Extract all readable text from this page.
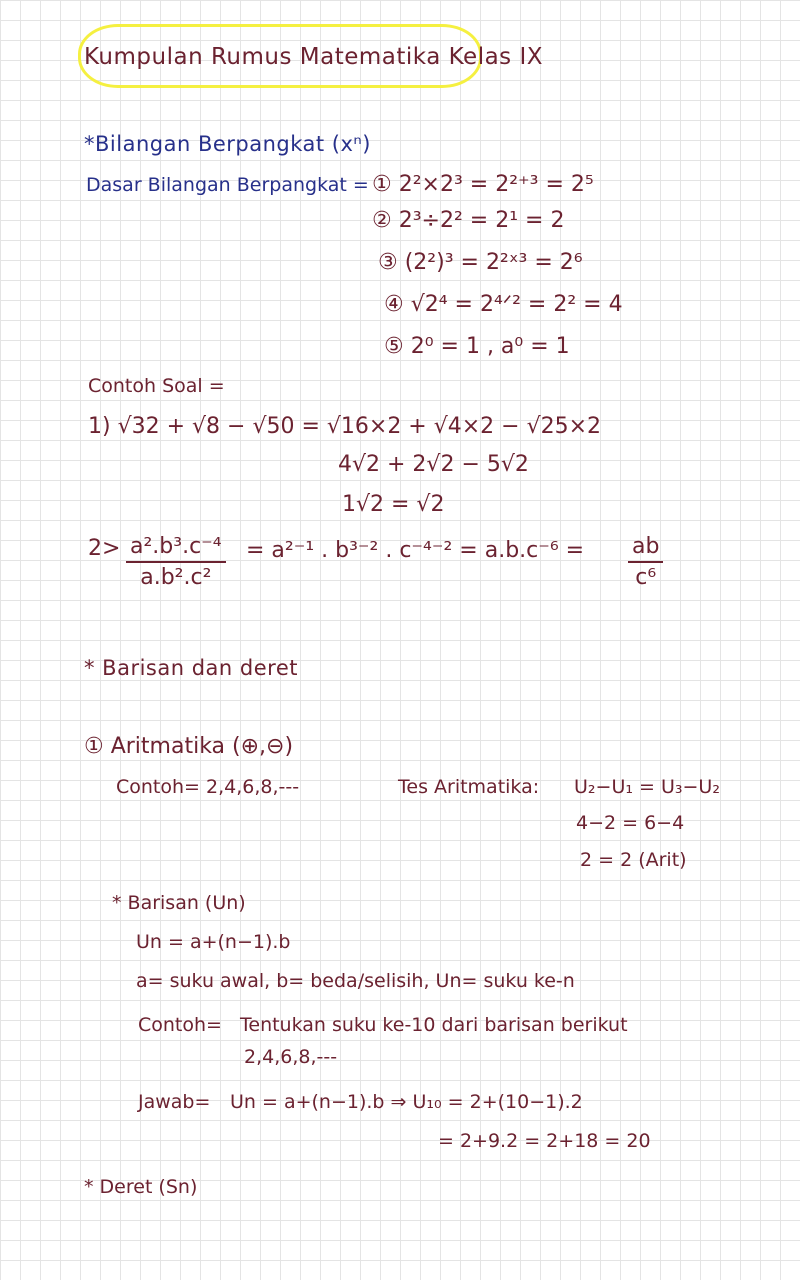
Kumpulan Rumus Matematika Kelas IX
*Bilangan Berpangkat (xⁿ)
Dasar Bilangan Berpangkat = ① 2²×2³ = 2²⁺³ = 2⁵
② 2³÷2² = 2¹ = 2
③ (2²)³ = 2²ˣ³ = 2⁶
④ √2⁴ = 2⁴ᐟ² = 2² = 4
⑤ 2⁰ = 1 , a⁰ = 1
Contoh Soal =
1) √32 + √8 − √50 = √16×2 + √4×2 − √25×2
4√2 + 2√2 − 5√2
1√2 = √2
$2> \frac{\text{a².b³.c⁻⁴}}{\text{a.b².c²}} = a^{2-1}$ . b³⁻² . $c^{-4-2} = a.b.c^{-6} = \frac{ab}{\text{c⁶}}$
* Barisan dan deret
① Aritmatika (⊕,⊖)
Contoh= 2,4,6,8,---	Tes Aritmatika: U₂−U₁ = U₃−U₂
4−2 = 6−4
2 = 2 (Arit)
* Barisan (Un)
Un = a+(n−1).b
a= suku awal, b= beda/selisih, Un= suku ke-n
Contoh= Tentukan suku ke-10 dari barisan berikut
2,4,6,8,---
Jawab= Un = a+(n−1).b ⇒ U₁₀ = 2+(10−1).2
= 2+9.2 = 2+18 = 20
* Deret (Sn)
